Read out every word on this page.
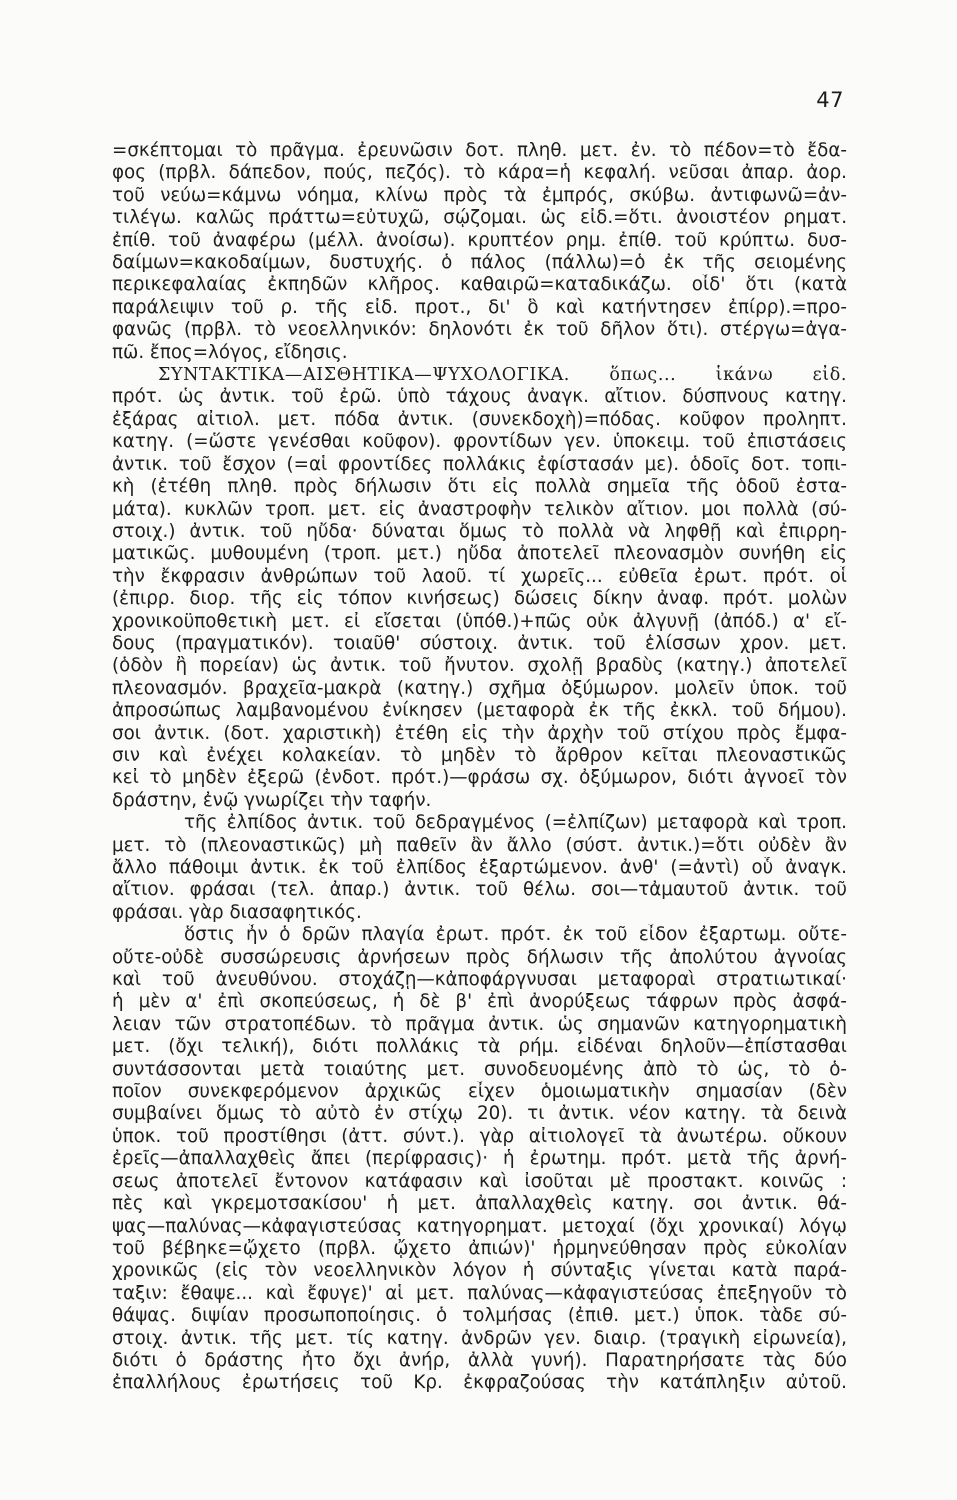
47
=σκέπτομαι τὸ πρᾶγμα. ἐρευνῶσιν δοτ. πληθ. μετ. ἐν. τὸ πέδον=τὸ ἔδα-
φος (πρβλ. δάπεδον, πούς, πεζός). τὸ κάρα=ἡ κεφαλή. νεῦσαι ἀπαρ. ἀορ.
τοῦ νεύω=κάμνω νόημα, κλίνω πρὸς τὰ ἐμπρός, σκύβω. ἀντιφωνῶ=ἀν-
τιλέγω. καλῶς πράττω=εὐτυχῶ, σῴζομαι. ὡς εἰδ.=ὅτι. ἀνοιστέον ρηματ.
ἐπίθ. τοῦ ἀναφέρω (μέλλ. ἀνοίσω). κρυπτέον ρημ. ἐπίθ. τοῦ κρύπτω. δυσ-
δαίμων=κακοδαίμων, δυστυχής. ὁ πάλος (πάλλω)=ὁ ἐκ τῆς σειομένης
περικεφαλαίας ἐκπηδῶν κλῆρος. καθαιρῶ=καταδικάζω. οἶδ' ὅτι (κατὰ
παράλειψιν τοῦ ρ. τῆς εἰδ. προτ., δι' ὃ καὶ κατήντησεν ἐπίρρ).=προ-
φανῶς (πρβλ. τὸ νεοελληνικόν: δηλονότι ἐκ τοῦ δῆλον ὅτι). στέργω=ἀγα-
πῶ. ἔπος=λόγος, εἴδησις.
ΣΥΝΤΑΚΤΙΚΑ—ΑΙΣΘΗΤΙΚΑ—ΨΥΧΟΛΟΓΙΚΑ. ὅπως... ἱκάνω εἰδ.
πρότ. ὡς ἀντικ. τοῦ ἐρῶ. ὑπὸ τάχους ἀναγκ. αἴτιον. δύσπνους κατηγ.
ἐξάρας αἰτιολ. μετ. πόδα ἀντικ. (συνεκδοχὴ)=πόδας. κοῦφον προληπτ.
κατηγ. (=ὥστε γενέσθαι κοῦφον). φροντίδων γεν. ὑποκειμ. τοῦ ἐπιστάσεις
ἀντικ. τοῦ ἔσχον (=αἱ φροντίδες πολλάκις ἐφίστασάν με). ὁδοῖς δοτ. τοπι-
κὴ (ἐτέθη πληθ. πρὸς δήλωσιν ὅτι εἰς πολλὰ σημεῖα τῆς ὁδοῦ ἐστα-
μάτα). κυκλῶν τροπ. μετ. εἰς ἀναστροφὴν τελικὸν αἴτιον. μοι πολλὰ (σύ-
στοιχ.) ἀντικ. τοῦ ηὔδα· δύναται ὅμως τὸ πολλὰ νὰ ληφθῇ καὶ ἐπιρρη-
ματικῶς. μυθουμένη (τροπ. μετ.) ηὔδα ἀποτελεῖ πλεονασμὸν συνήθη εἰς
τὴν ἔκφρασιν ἀνθρώπων τοῦ λαοῦ. τί χωρεῖς... εὐθεῖα ἐρωτ. πρότ. οἷ
(ἐπιρρ. διορ. τῆς εἰς τόπον κινήσεως) δώσεις δίκην ἀναφ. πρότ. μολὼν
χρονικοϋποθετικὴ μετ. εἰ εἴσεται (ὑπόθ.)+πῶς οὐκ ἀλγυνῇ (ἀπόδ.) α' εἴ-
δους (πραγματικόν). τοιαῦθ' σύστοιχ. ἀντικ. τοῦ ἑλίσσων χρον. μετ.
(ὁδὸν ἢ πορείαν) ὡς ἀντικ. τοῦ ἤνυτον. σχολῇ βραδὺς (κατηγ.) ἀποτελεῖ
πλεονασμόν. βραχεῖα-μακρὰ (κατηγ.) σχῆμα ὀξύμωρον. μολεῖν ὑποκ. τοῦ
ἀπροσώπως λαμβανομένου ἐνίκησεν (μεταφορὰ ἐκ τῆς ἐκκλ. τοῦ δήμου).
σοι ἀντικ. (δοτ. χαριστικὴ) ἐτέθη εἰς τὴν ἀρχὴν τοῦ στίχου πρὸς ἔμφα-
σιν καὶ ἐνέχει κολακείαν. τὸ μηδὲν τὸ ἄρθρον κεῖται πλεοναστικῶς
κεἰ τὸ μηδὲν ἐξερῶ (ἐνδοτ. πρότ.)—φράσω σχ. ὀξύμωρον, διότι ἀγνοεῖ τὸν
δράστην, ἐνῷ γνωρίζει τὴν ταφήν.
τῆς ἐλπίδος ἀντικ. τοῦ δεδραγμένος (=ἐλπίζων) μεταφορὰ καὶ τροπ.
μετ. τὸ (πλεοναστικῶς) μὴ παθεῖν ἂν ἄλλο (σύστ. ἀντικ.)=ὅτι οὐδὲν ἂν
ἄλλο πάθοιμι ἀντικ. ἐκ τοῦ ἐλπίδος ἐξαρτώμενον. ἀνθ' (=ἀντὶ) οὗ ἀναγκ.
αἴτιον. φράσαι (τελ. ἀπαρ.) ἀντικ. τοῦ θέλω. σοι—τἀμαυτοῦ ἀντικ. τοῦ
φράσαι. γὰρ διασαφητικός.
ὅστις ἦν ὁ δρῶν πλαγία ἐρωτ. πρότ. ἐκ τοῦ εἶδον ἐξαρτωμ. οὔτε-
οὔτε-οὐδὲ συσσώρευσις ἀρνήσεων πρὸς δήλωσιν τῆς ἀπολύτου ἀγνοίας
καὶ τοῦ ἀνευθύνου. στοχάζῃ—κἀποφάργνυσαι μεταφοραὶ στρατιωτικαί·
ἡ μὲν α' ἐπὶ σκοπεύσεως, ἡ δὲ β' ἐπὶ ἀνορύξεως τάφρων πρὸς ἀσφά-
λειαν τῶν στρατοπέδων. τὸ πρᾶγμα ἀντικ. ὡς σημανῶν κατηγορηματικὴ
μετ. (ὄχι τελική), διότι πολλάκις τὰ ρήμ. εἰδέναι δηλοῦν—ἐπίστασθαι
συντάσσονται μετὰ τοιαύτης μετ. συνοδευομένης ἀπὸ τὸ ὡς, τὸ ὁ-
ποῖον συνεκφερόμενον ἀρχικῶς εἶχεν ὁμοιωματικὴν σημασίαν (δὲν
συμβαίνει ὅμως τὸ αὐτὸ ἐν στίχῳ 20). τι ἀντικ. νέον κατηγ. τὰ δεινὰ
ὑποκ. τοῦ προστίθησι (ἀττ. σύντ.). γὰρ αἰτιολογεῖ τὰ ἀνωτέρω. οὔκουν
ἐρεῖς—ἀπαλλαχθεὶς ἄπει (περίφρασις)· ἡ ἐρωτημ. πρότ. μετὰ τῆς ἀρνή-
σεως ἀποτελεῖ ἔντονον κατάφασιν καὶ ἰσοῦται μὲ προστακτ. κοινῶς :
πὲς καὶ γκρεμοτσακίσου' ἡ μετ. ἀπαλλαχθεὶς κατηγ. σοι ἀντικ. θά-
ψας—παλύνας—κἀφαγιστεύσας κατηγορηματ. μετοχαί (ὄχι χρονικαί) λόγῳ
τοῦ βέβηκε=ᾤχετο (πρβλ. ᾤχετο ἀπιών)' ἡρμηνεύθησαν πρὸς εὐκολίαν
χρονικῶς (εἰς τὸν νεοελληνικὸν λόγον ἡ σύνταξις γίνεται κατὰ παρά-
ταξιν: ἔθαψε... καὶ ἔφυγε)' αἱ μετ. παλύνας—κἀφαγιστεύσας ἐπεξηγοῦν τὸ
θάψας. διψίαν προσωποποίησις. ὁ τολμήσας (ἐπιθ. μετ.) ὑποκ. τὰδε σύ-
στοιχ. ἀντικ. τῆς μετ. τίς κατηγ. ἀνδρῶν γεν. διαιρ. (τραγικὴ εἰρωνεία),
διότι ὁ δράστης ἦτο ὄχι ἀνήρ, ἀλλὰ γυνή). Παρατηρήσατε τὰς δύο
ἐπαλλήλους ἐρωτήσεις τοῦ Κρ. ἐκφραζούσας τὴν κατάπληξιν αὐτοῦ.
